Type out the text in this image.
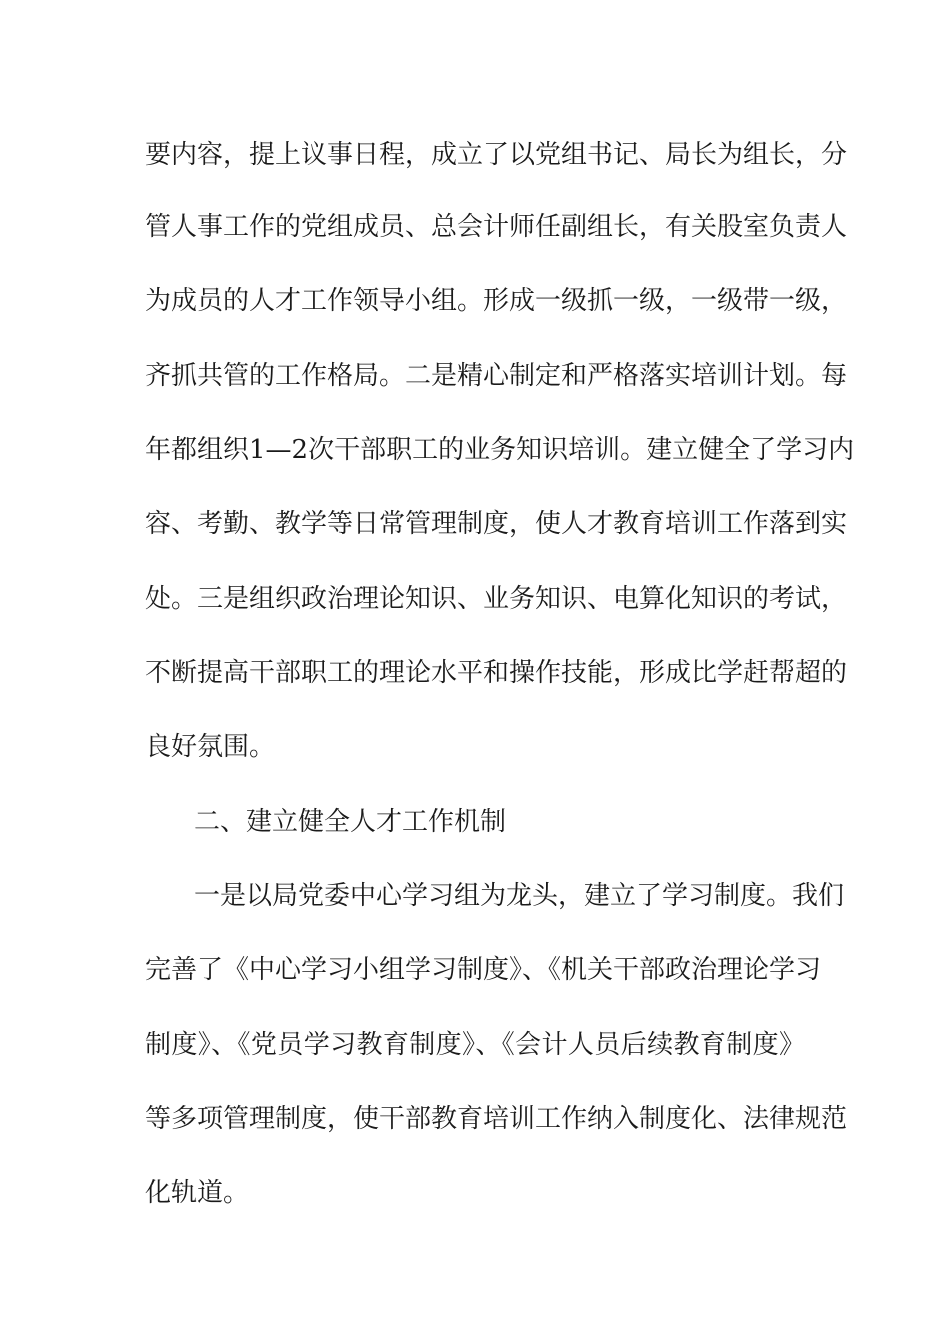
要内容，提上议事日程，成立了以党组书记、局长为组长，分
管人事工作的党组成员、总会计师任副组长，有关股室负责人
为成员的人才工作领导小组。形成一级抓一级，一级带一级，
齐抓共管的工作格局。二是精心制定和严格落实培训计划。每
年都组织1—2次干部职工的业务知识培训。建立健全了学习内
容、考勤、教学等日常管理制度，使人才教育培训工作落到实
处。三是组织政治理论知识、业务知识、电算化知识的考试，
不断提高干部职工的理论水平和操作技能，形成比学赶帮超的
良好氛围。
二、建立健全人才工作机制
一是以局党委中心学习组为龙头，建立了学习制度。我们
完善了《中心学习小组学习制度》、《机关干部政治理论学习
制度》、《党员学习教育制度》、《会计人员后续教育制度》
等多项管理制度，使干部教育培训工作纳入制度化、法律规范
化轨道。
